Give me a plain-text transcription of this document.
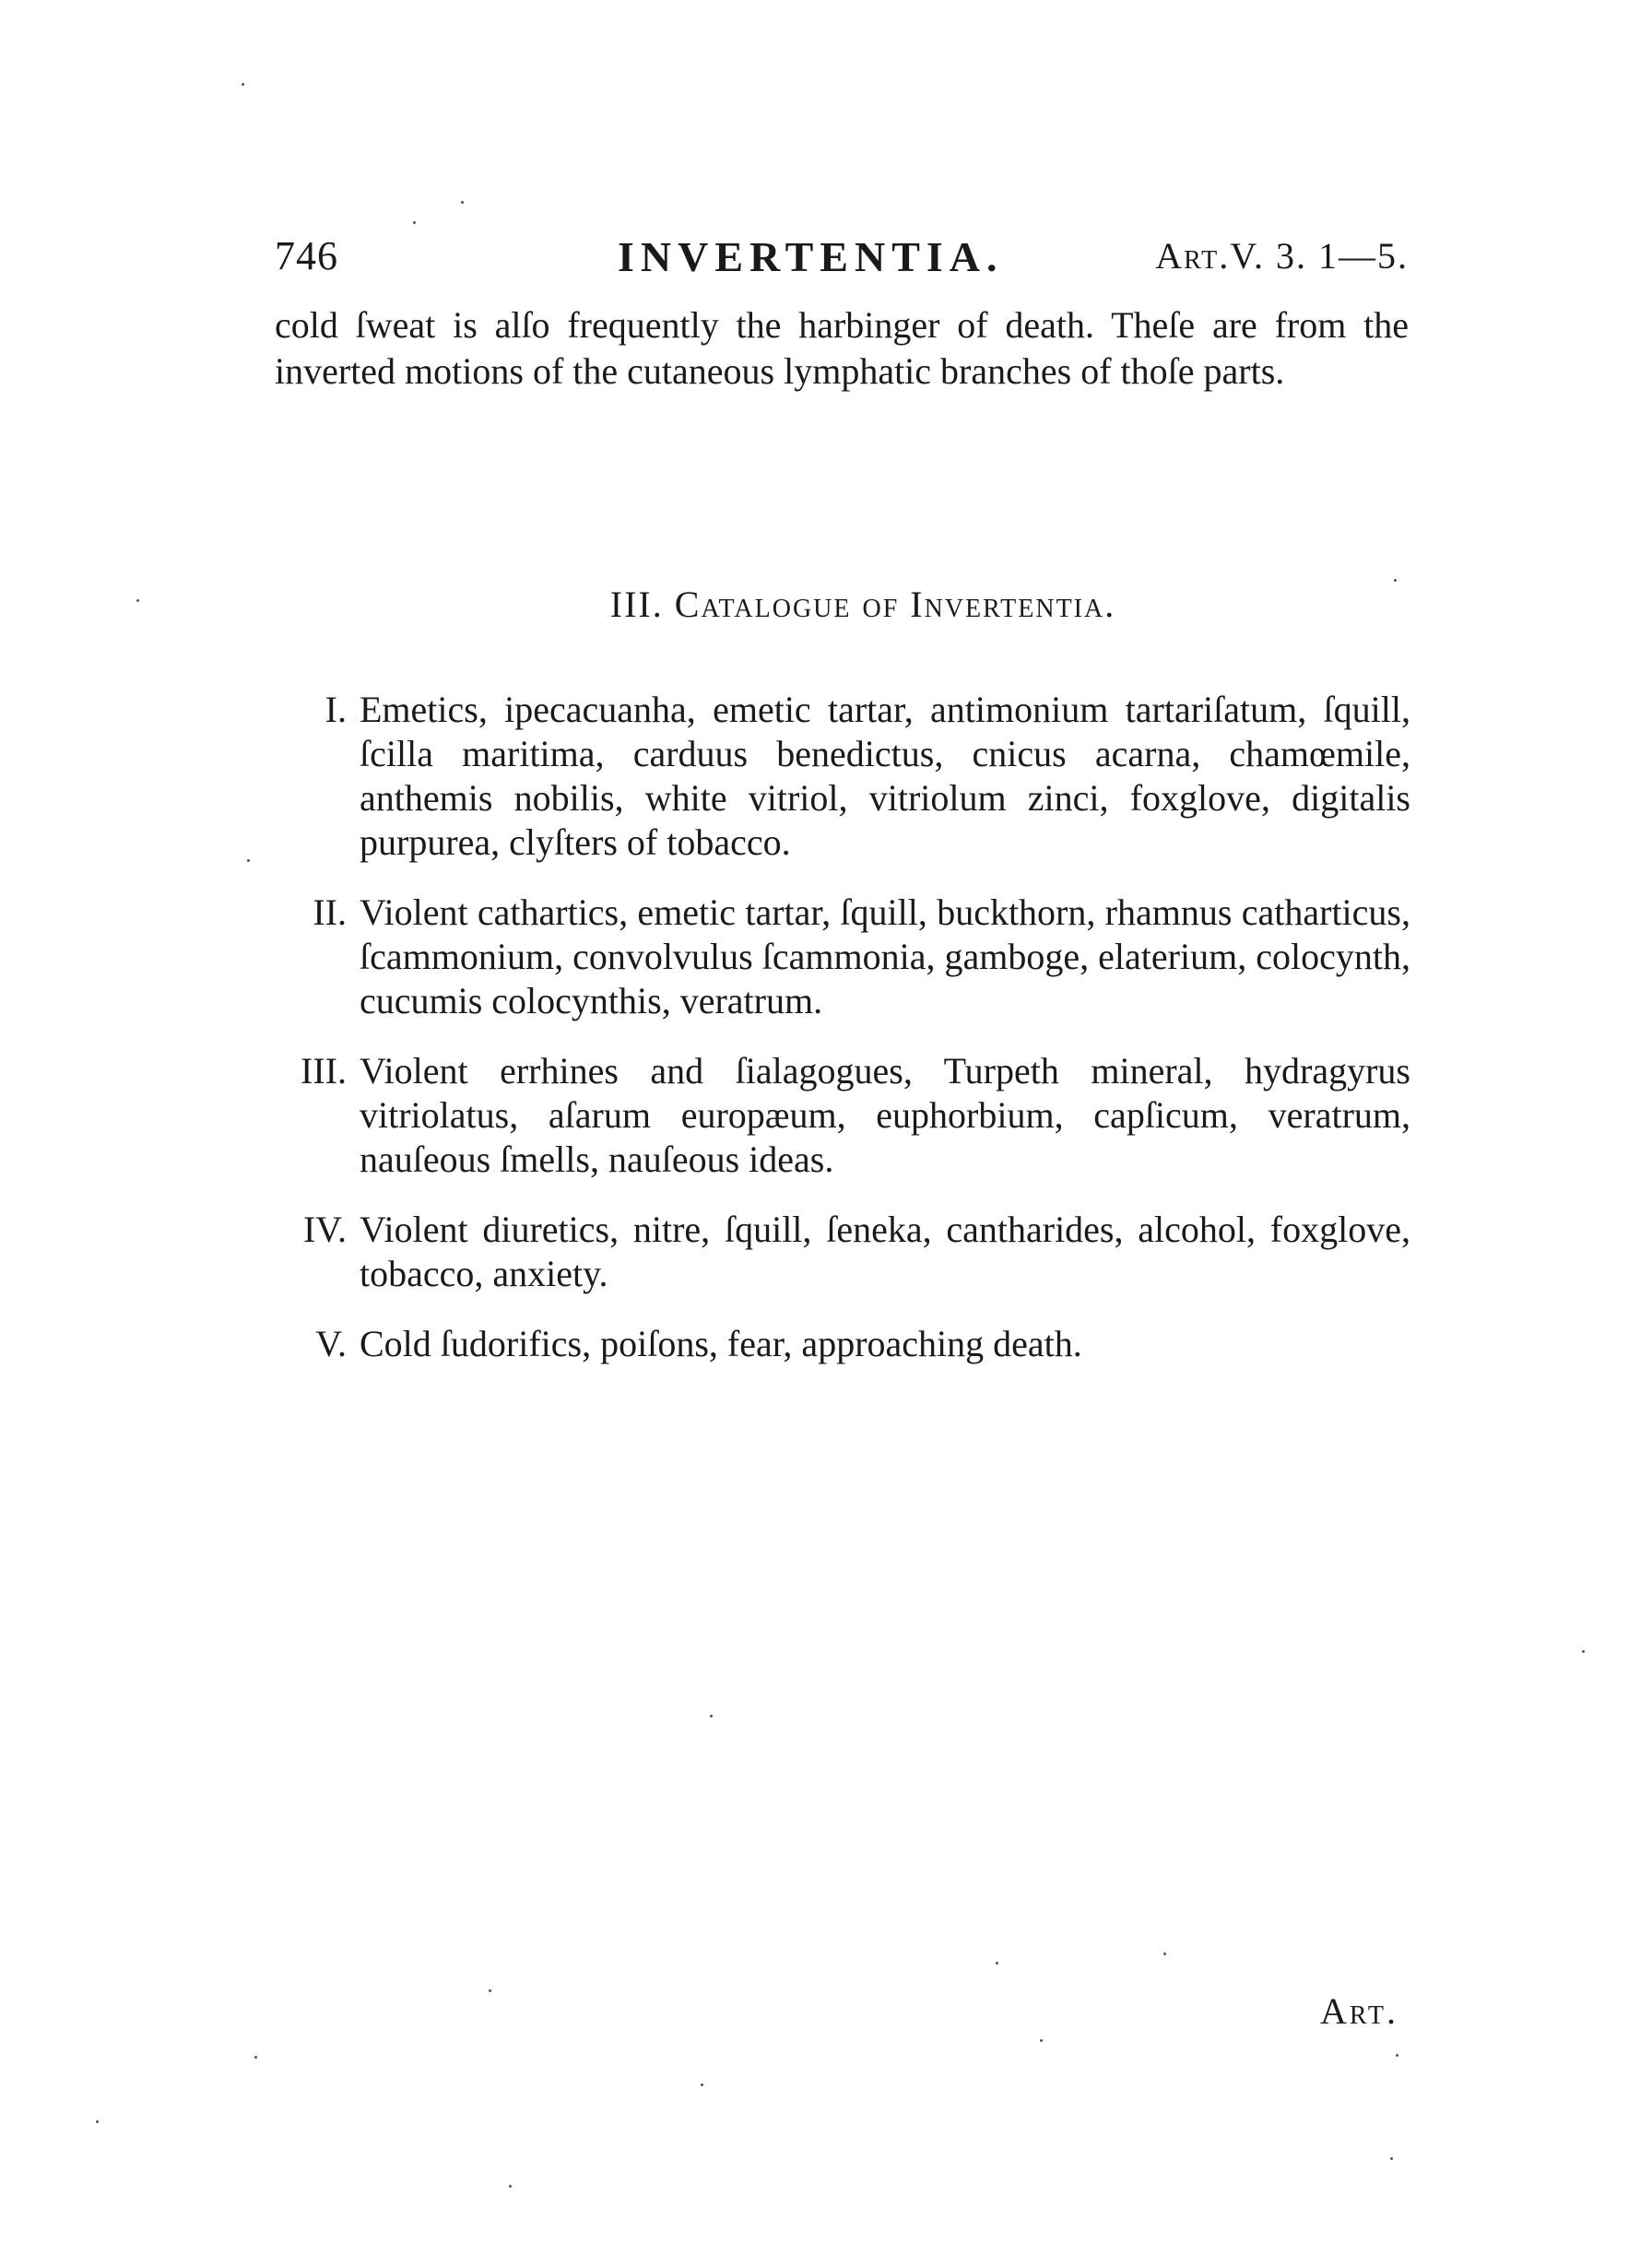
746	INVERTENTIA.	Art.V. 3. 1—5.

cold ſweat is alſo frequently the harbinger of death. Theſe are from the inverted motions of the cutaneous lymphatic branches of thoſe parts.

III. Catalogue of Invertentia.
I. Emetics, ipecacuanha, emetic tartar, antimonium tartariſatum, ſquill, ſcilla maritima, carduus benedictus, cnicus acarna, chamœmile, anthemis nobilis, white vitriol, vitriolum zinci, foxglove, digitalis purpurea, clyſters of tobacco.
II. Violent cathartics, emetic tartar, ſquill, buckthorn, rhamnus catharticus, ſcammonium, convolvulus ſcammonia, gamboge, elaterium, colocynth, cucumis colocynthis, veratrum.
III. Violent errhines and ſialagogues, Turpeth mineral, hydragyrus vitriolatus, aſarum europæum, euphorbium, capſicum, veratrum, nauſeous ſmells, nauſeous ideas.
IV. Violent diuretics, nitre, ſquill, ſeneka, cantharides, alcohol, foxglove, tobacco, anxiety.
V. Cold ſudorifics, poiſons, fear, approaching death.
Art.
